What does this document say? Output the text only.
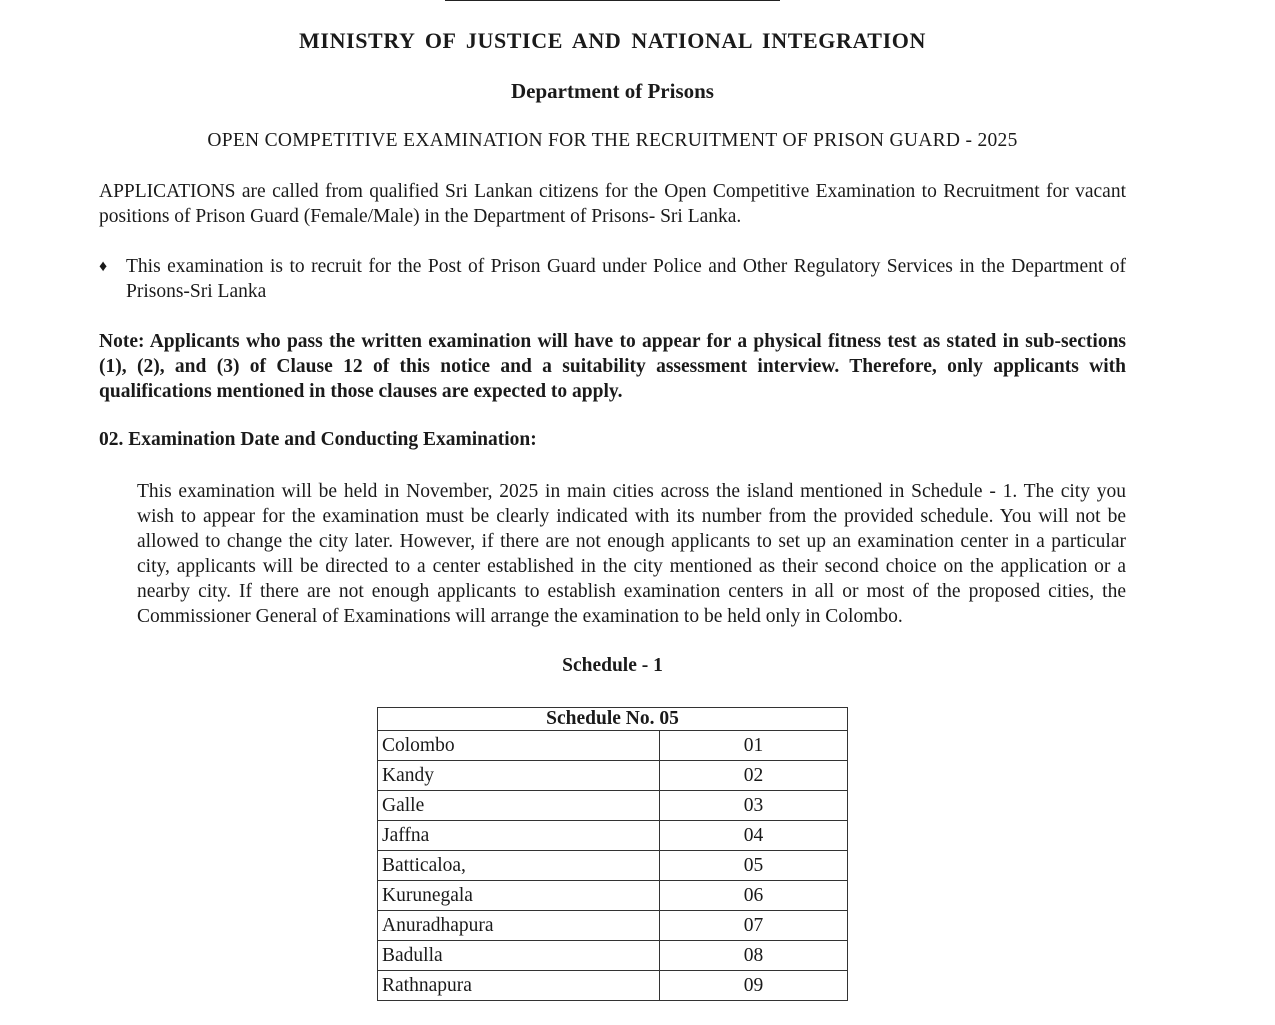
MINISTRY OF JUSTICE AND NATIONAL INTEGRATION
Department of Prisons
OPEN COMPETITIVE EXAMINATION FOR THE RECRUITMENT OF PRISON GUARD - 2025
APPLICATIONS are called from qualified Sri Lankan citizens for the Open Competitive Examination to Recruitment for vacant positions of Prison Guard (Female/Male) in the Department of Prisons- Sri Lanka.
♦ This examination is to recruit for the Post of Prison Guard under Police and Other Regulatory Services in the Department of Prisons-Sri Lanka
Note: Applicants who pass the written examination will have to appear for a physical fitness test as stated in sub-sections (1), (2), and (3) of Clause 12 of this notice and a suitability assessment interview. Therefore, only applicants with qualifications mentioned in those clauses are expected to apply.
02. Examination Date and Conducting Examination:
This examination will be held in November, 2025 in main cities across the island mentioned in Schedule - 1. The city you wish to appear for the examination must be clearly indicated with its number from the provided schedule. You will not be allowed to change the city later. However, if there are not enough applicants to set up an examination center in a particular city, applicants will be directed to a center established in the city mentioned as their second choice on the application or a nearby city. If there are not enough applicants to establish examination centers in all or most of the proposed cities, the Commissioner General of Examinations will arrange the examination to be held only in Colombo.
Schedule - 1
Schedule No. 05	
Colombo	01
Kandy	02
Galle	03
Jaffna	04
Batticaloa,	05
Kurunegala	06
Anuradhapura	07
Badulla	08
Rathnapura	09
